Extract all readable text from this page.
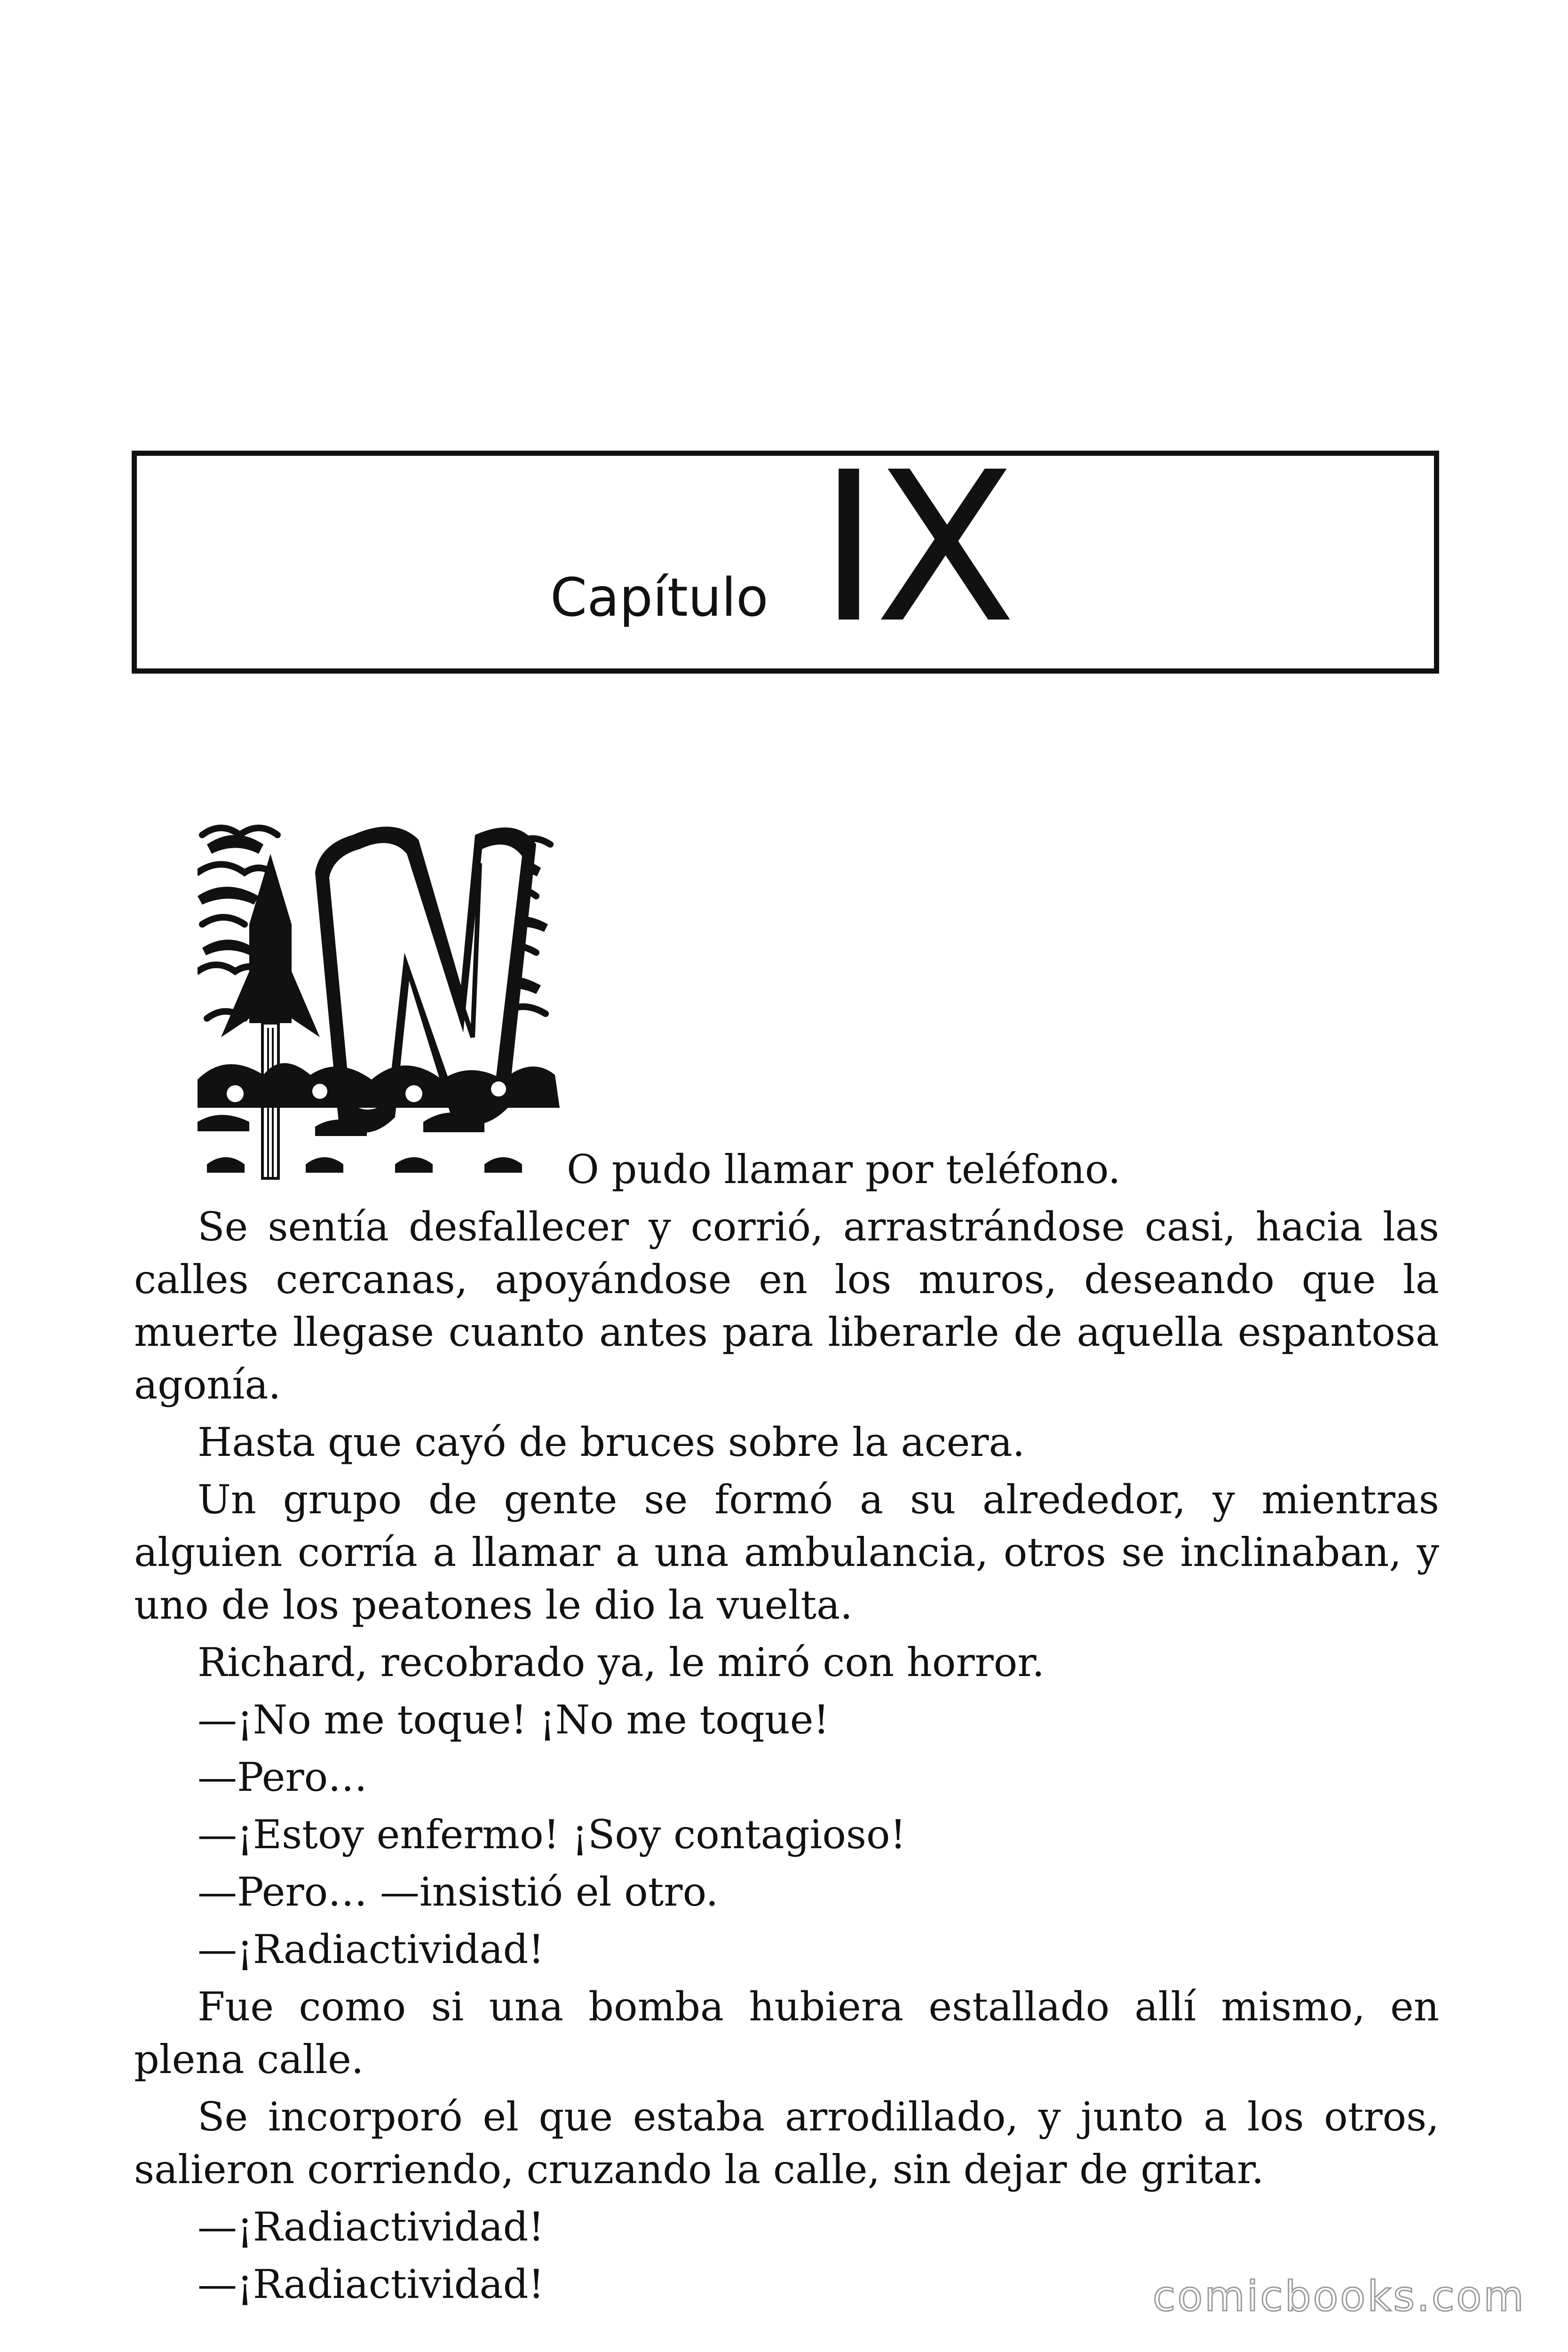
Capítulo IX

O pudo llamar por teléfono.

Se sentía desfallecer y corrió, arrastrándose casi, hacia las calles cercanas, apoyándose en los muros, deseando que la muerte llegase cuanto antes para liberarle de aquella espantosa agonía.

Hasta que cayó de bruces sobre la acera.

Un grupo de gente se formó a su alrededor, y mientras alguien corría a llamar a una ambulancia, otros se inclinaban, y uno de los peatones le dio la vuelta.

Richard, recobrado ya, le miró con horror.

—¡No me toque! ¡No me toque!

—Pero…

—¡Estoy enfermo! ¡Soy contagioso!

—Pero… —insistió el otro.

—¡Radiactividad!

Fue como si una bomba hubiera estallado allí mismo, en plena calle.

Se incorporó el que estaba arrodillado, y junto a los otros, salieron corriendo, cruzando la calle, sin dejar de gritar.

—¡Radiactividad!

—¡Radiactividad!	comicbooks.com
